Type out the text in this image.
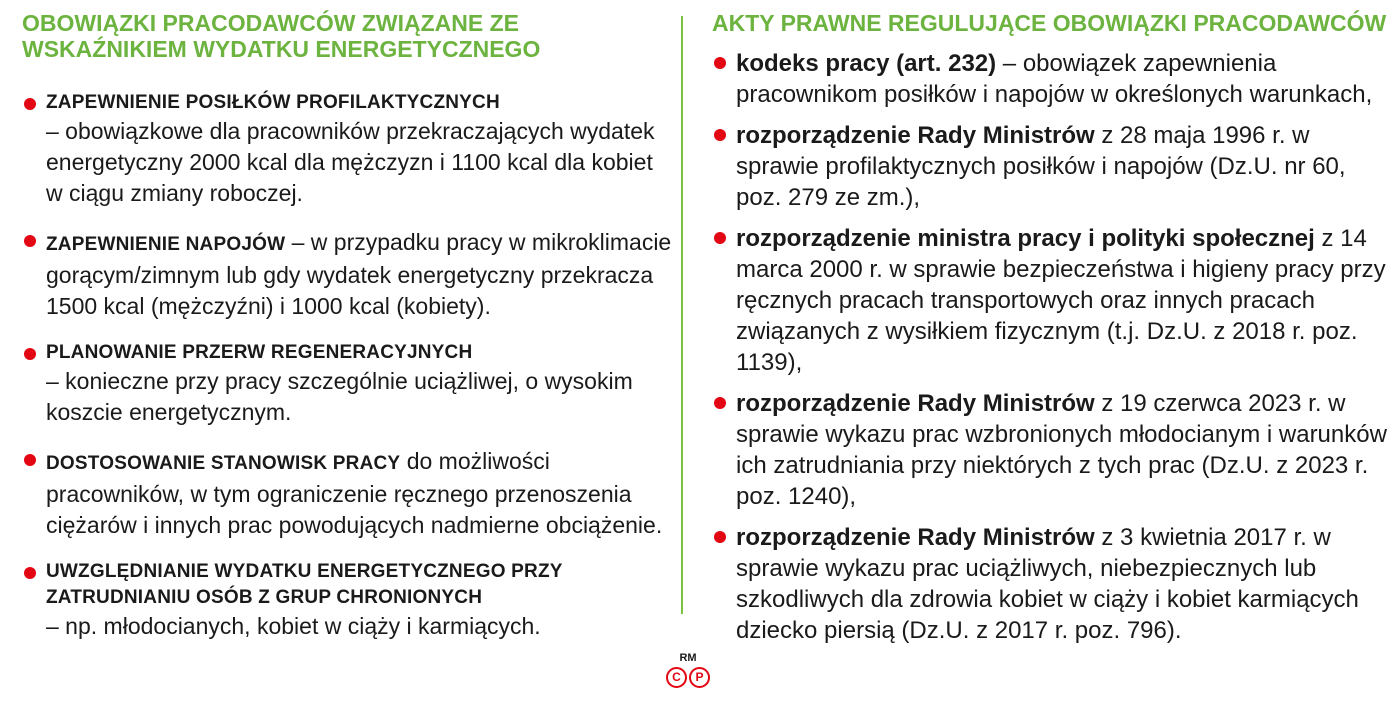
OBOWIĄZKI PRACODAWCÓW ZWIĄZANE ZE WSKAŹNIKIEM WYDATKU ENERGETYCZNEGO
ZAPEWNIENIE POSIŁKÓW PROFILAKTYCZNYCH
– obowiązkowe dla pracowników przekraczających wydatek energetyczny 2000 kcal dla mężczyzn i 1100 kcal dla kobiet w ciągu zmiany roboczej.
ZAPEWNIENIE NAPOJÓW – w przypadku pracy w mikroklimacie gorącym/zimnym lub gdy wydatek energetyczny przekracza 1500 kcal (mężczyźni) i 1000 kcal (kobiety).
PLANOWANIE PRZERW REGENERACYJNYCH
– konieczne przy pracy szczególnie uciążliwej, o wysokim koszcie energetycznym.
DOSTOSOWANIE STANOWISK PRACY do możliwości pracowników, w tym ograniczenie ręcznego przenoszenia ciężarów i innych prac powodujących nadmierne obciążenie.
UWZGLĘDNIANIE WYDATKU ENERGETYCZNEGO PRZY ZATRUDNIANIU OSÓB Z GRUP CHRONIONYCH
– np. młodocianych, kobiet w ciąży i karmiących.
AKTY PRAWNE REGULUJĄCE OBOWIĄZKI PRACODAWCÓW
kodeks pracy (art. 232) – obowiązek zapewnienia pracownikom posiłków i napojów w określonych warunkach,
rozporządzenie Rady Ministrów z 28 maja 1996 r. w sprawie profilaktycznych posiłków i napojów (Dz.U. nr 60, poz. 279 ze zm.),
rozporządzenie ministra pracy i polityki społecznej z 14 marca 2000 r. w sprawie bezpieczeństwa i higieny pracy przy ręcznych pracach transportowych oraz innych pracach związanych z wysiłkiem fizycznym (t.j. Dz.U. z 2018 r. poz. 1139),
rozporządzenie Rady Ministrów z 19 czerwca 2023 r. w sprawie wykazu prac wzbronionych młodocianym i warunków ich zatrudniania przy niektórych z tych prac (Dz.U. z 2023 r. poz. 1240),
rozporządzenie Rady Ministrów z 3 kwietnia 2017 r. w sprawie wykazu prac uciążliwych, niebezpiecznych lub szkodliwych dla zdrowia kobiet w ciąży i kobiet karmiących dziecko piersią (Dz.U. z 2017 r. poz. 796).
RM
C	P
